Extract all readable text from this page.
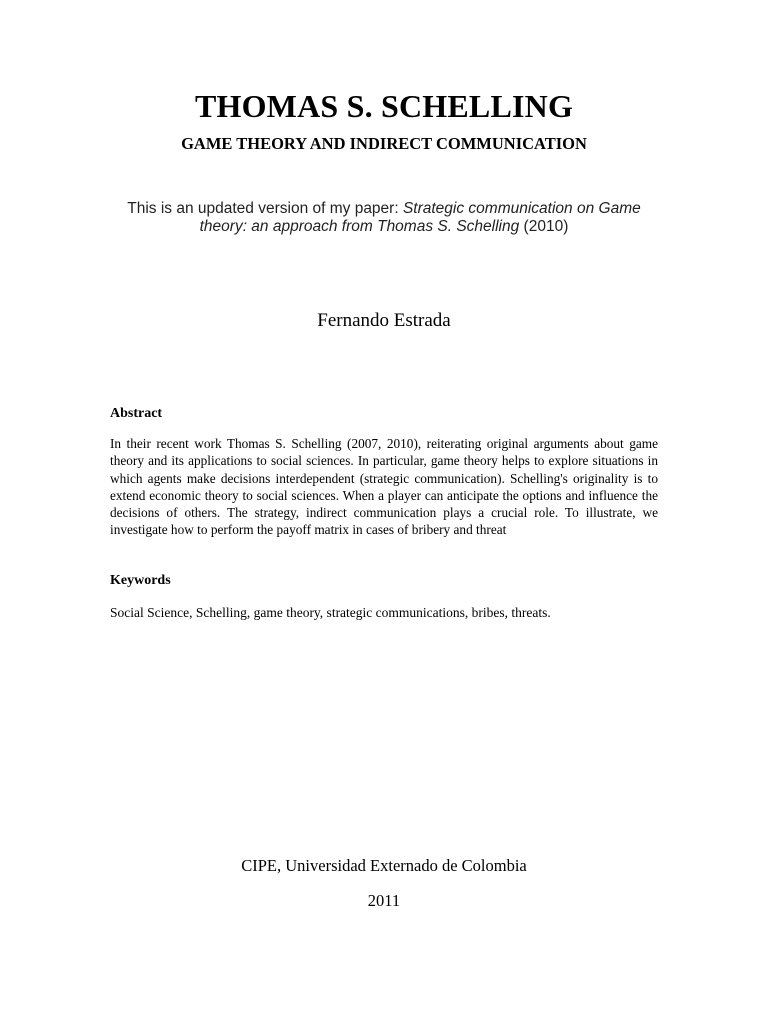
THOMAS S. SCHELLING
GAME THEORY AND INDIRECT COMMUNICATION
This is an updated version of my paper: Strategic communication on Game theory: an approach from Thomas S. Schelling (2010)
Fernando Estrada
Abstract
In their recent work Thomas S. Schelling (2007, 2010), reiterating original arguments about game theory and its applications to social sciences. In particular, game theory helps to explore situations in which agents make decisions interdependent (strategic communication). Schelling's originality is to extend economic theory to social sciences. When a player can anticipate the options and influence the decisions of others. The strategy, indirect communication plays a crucial role. To illustrate, we investigate how to perform the payoff matrix in cases of bribery and threat
Keywords
Social Science, Schelling, game theory, strategic communications, bribes, threats.
CIPE, Universidad Externado de Colombia
2011
